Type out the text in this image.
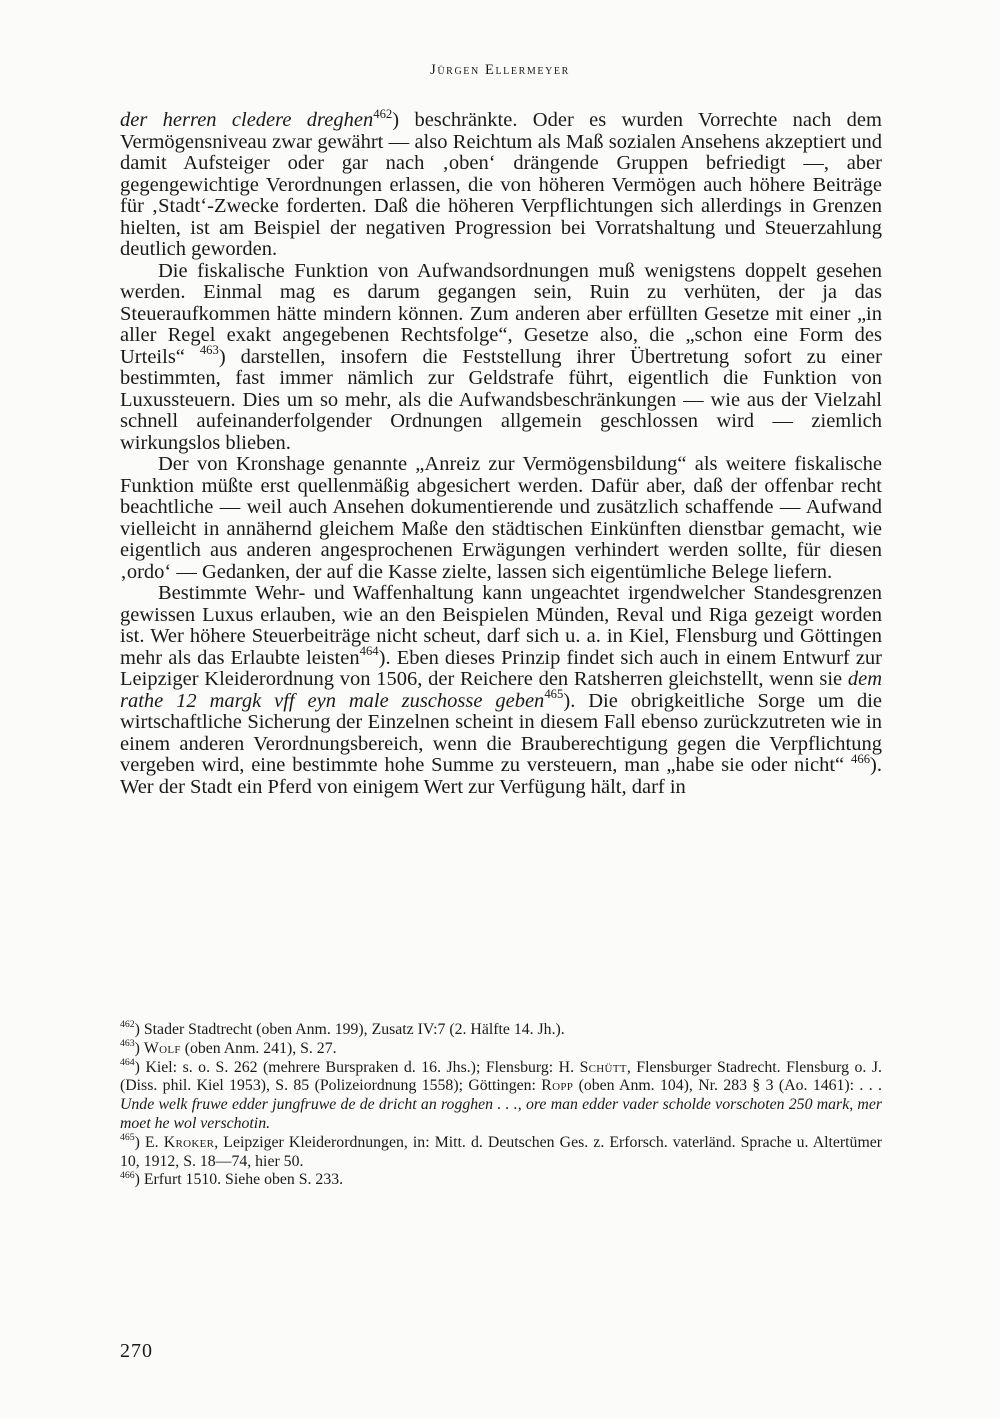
Jürgen Ellermeyer

der herren cledere dreghen$^{462}$) beschränkte. Oder es wurden Vorrechte nach dem Vermögensniveau zwar gewährt — also Reichtum als Maß sozialen Ansehens akzeptiert und damit Aufsteiger oder gar nach ‚oben‘ drängende Gruppen befriedigt —, aber gegengewichtige Verordnungen erlassen, die von höheren Vermögen auch höhere Beiträge für ‚Stadt‘-Zwecke forderten. Daß die höheren Verpflichtungen sich allerdings in Grenzen hielten, ist am Beispiel der negativen Progression bei Vorratshaltung und Steuerzahlung deutlich geworden.

Die fiskalische Funktion von Aufwandsordnungen muß wenigstens doppelt gesehen werden. Einmal mag es darum gegangen sein, Ruin zu verhüten, der ja das Steueraufkommen hätte mindern können. Zum anderen aber erfüllten Gesetze mit einer „in aller Regel exakt angegebenen Rechtsfolge“, Gesetze also, die „schon eine Form des Urteils“ $^{463}$) darstellen, insofern die Feststellung ihrer Übertretung sofort zu einer bestimmten, fast immer nämlich zur Geldstrafe führt, eigentlich die Funktion von Luxussteuern. Dies um so mehr, als die Aufwandsbeschränkungen — wie aus der Vielzahl schnell aufeinanderfolgender Ordnungen allgemein geschlossen wird — ziemlich wirkungslos blieben.

Der von Kronshage genannte „Anreiz zur Vermögensbildung“ als weitere fiskalische Funktion müßte erst quellenmäßig abgesichert werden. Dafür aber, daß der offenbar recht beachtliche — weil auch Ansehen dokumentierende und zusätzlich schaffende — Aufwand vielleicht in annähernd gleichem Maße den städtischen Einkünften dienstbar gemacht, wie eigentlich aus anderen angesprochenen Erwägungen verhindert werden sollte, für diesen ‚ordo‘ — Gedanken, der auf die Kasse zielte, lassen sich eigentümliche Belege liefern.

Bestimmte Wehr- und Waffenhaltung kann ungeachtet irgendwelcher Standesgrenzen gewissen Luxus erlauben, wie an den Beispielen Münden, Reval und Riga gezeigt worden ist. Wer höhere Steuerbeiträge nicht scheut, darf sich u. a. in Kiel, Flensburg und Göttingen mehr als das Erlaubte leisten$^{464}$). Eben dieses Prinzip findet sich auch in einem Entwurf zur Leipziger Kleiderordnung von 1506, der Reichere den Ratsherren gleichstellt, wenn sie dem rathe 12 margk vff eyn male zuschosse geben$^{465}$). Die obrigkeitliche Sorge um die wirtschaftliche Sicherung der Einzelnen scheint in diesem Fall ebenso zurückzutreten wie in einem anderen Verordnungsbereich, wenn die Brauberechtigung gegen die Verpflichtung vergeben wird, eine bestimmte hohe Summe zu versteuern, man „habe sie oder nicht“ $^{466}$). Wer der Stadt ein Pferd von einigem Wert zur Verfügung hält, darf in

$^{462}$) Stader Stadtrecht (oben Anm. 199), Zusatz IV:7 (2. Hälfte 14. Jh.).

$^{463}$) Wolf (oben Anm. 241), S. 27.

$^{464}$) Kiel: s. o. S. 262 (mehrere Burspraken d. 16. Jhs.); Flensburg: H. Schütt, Flensburger Stadrecht. Flensburg o. J. (Diss. phil. Kiel 1953), S. 85 (Polizeiordnung 1558); Göttingen: Ropp (oben Anm. 104), Nr. 283 § 3 (Ao. 1461): . . . Unde welk fruwe edder jungfruwe de de dricht an rogghen . . ., ore man edder vader scholde vorschoten 250 mark, mer moet he wol verschotin.

$^{465}$) E. Kroker, Leipziger Kleiderordnungen, in: Mitt. d. Deutschen Ges. z. Erforsch. vaterländ. Sprache u. Altertümer 10, 1912, S. 18—74, hier 50.

$^{466}$) Erfurt 1510. Siehe oben S. 233.

270
